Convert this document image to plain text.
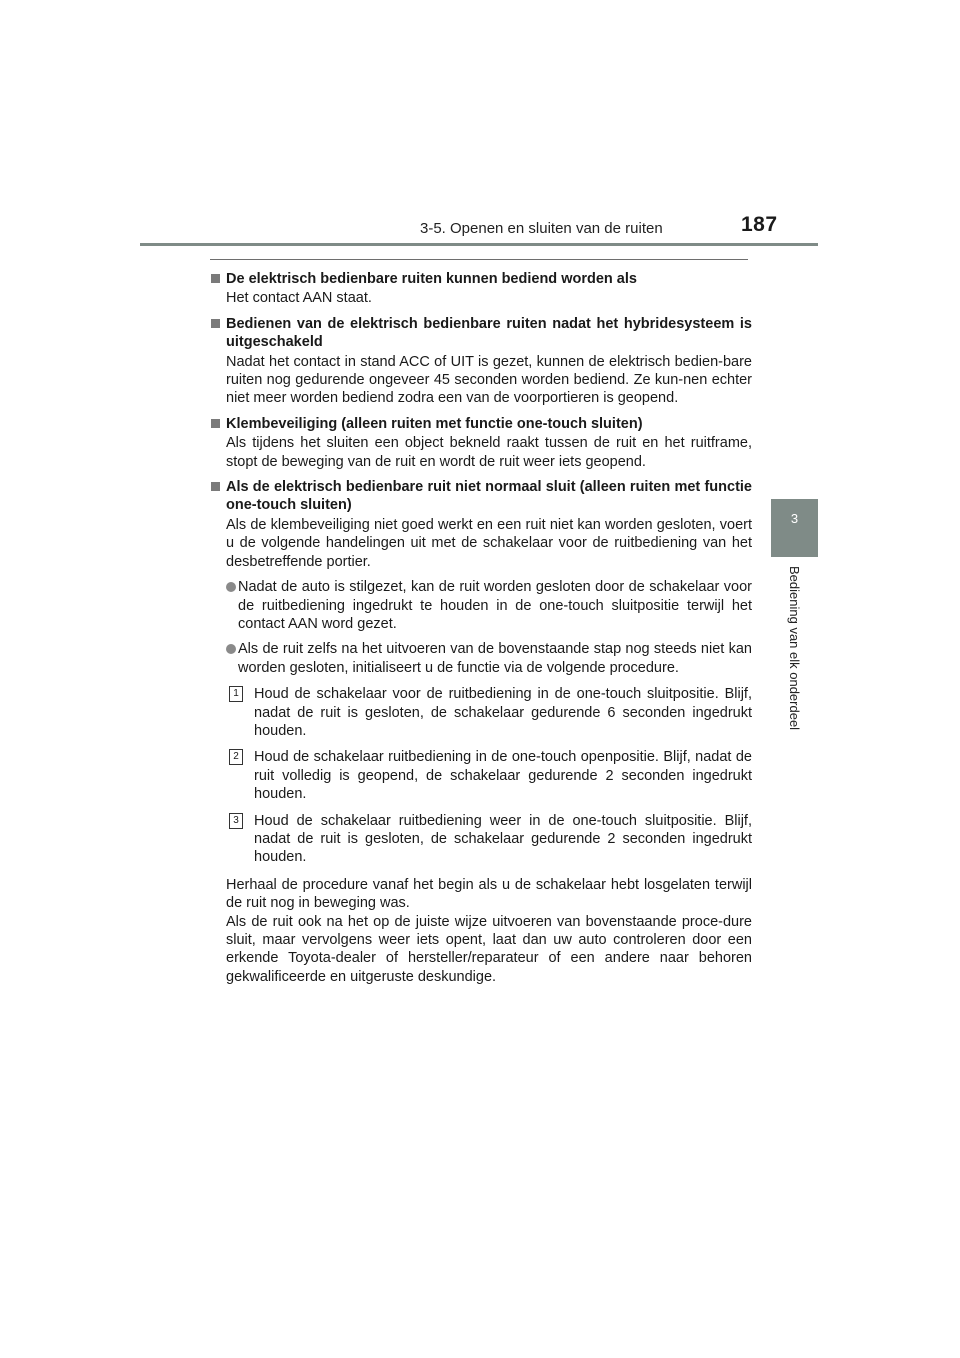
3-5. Openen en sluiten van de ruiten	187
3
Bediening van elk onderdeel
De elektrisch bedienbare ruiten kunnen bediend worden als
Het contact AAN staat.
Bedienen van de elektrisch bedienbare ruiten nadat het hybridesysteem is uitgeschakeld
Nadat het contact in stand ACC of UIT is gezet, kunnen de elektrisch bedien-bare ruiten nog gedurende ongeveer 45 seconden worden bediend. Ze kun-nen echter niet meer worden bediend zodra een van de voorportieren is geopend.
Klembeveiliging (alleen ruiten met functie one-touch sluiten)
Als tijdens het sluiten een object bekneld raakt tussen de ruit en het ruitframe, stopt de beweging van de ruit en wordt de ruit weer iets geopend.
Als de elektrisch bedienbare ruit niet normaal sluit (alleen ruiten met functie one-touch sluiten)
Als de klembeveiliging niet goed werkt en een ruit niet kan worden gesloten, voert u de volgende handelingen uit met de schakelaar voor de ruitbediening van het desbetreffende portier.
Nadat de auto is stilgezet, kan de ruit worden gesloten door de schakelaar voor de ruitbediening ingedrukt te houden in de one-touch sluitpositie terwijl het contact AAN word gezet.
Als de ruit zelfs na het uitvoeren van de bovenstaande stap nog steeds niet kan worden gesloten, initialiseert u de functie via de volgende procedure.
1 Houd de schakelaar voor de ruitbediening in de one-touch sluitpositie. Blijf, nadat de ruit is gesloten, de schakelaar gedurende 6 seconden ingedrukt houden.
2 Houd de schakelaar ruitbediening in de one-touch openpositie. Blijf, nadat de ruit volledig is geopend, de schakelaar gedurende 2 seconden ingedrukt houden.
3 Houd de schakelaar ruitbediening weer in de one-touch sluitpositie. Blijf, nadat de ruit is gesloten, de schakelaar gedurende 2 seconden ingedrukt houden.
Herhaal de procedure vanaf het begin als u de schakelaar hebt losgelaten terwijl de ruit nog in beweging was.
Als de ruit ook na het op de juiste wijze uitvoeren van bovenstaande proce-dure sluit, maar vervolgens weer iets opent, laat dan uw auto controleren door een erkende Toyota-dealer of hersteller/reparateur of een andere naar behoren gekwalificeerde en uitgeruste deskundige.
